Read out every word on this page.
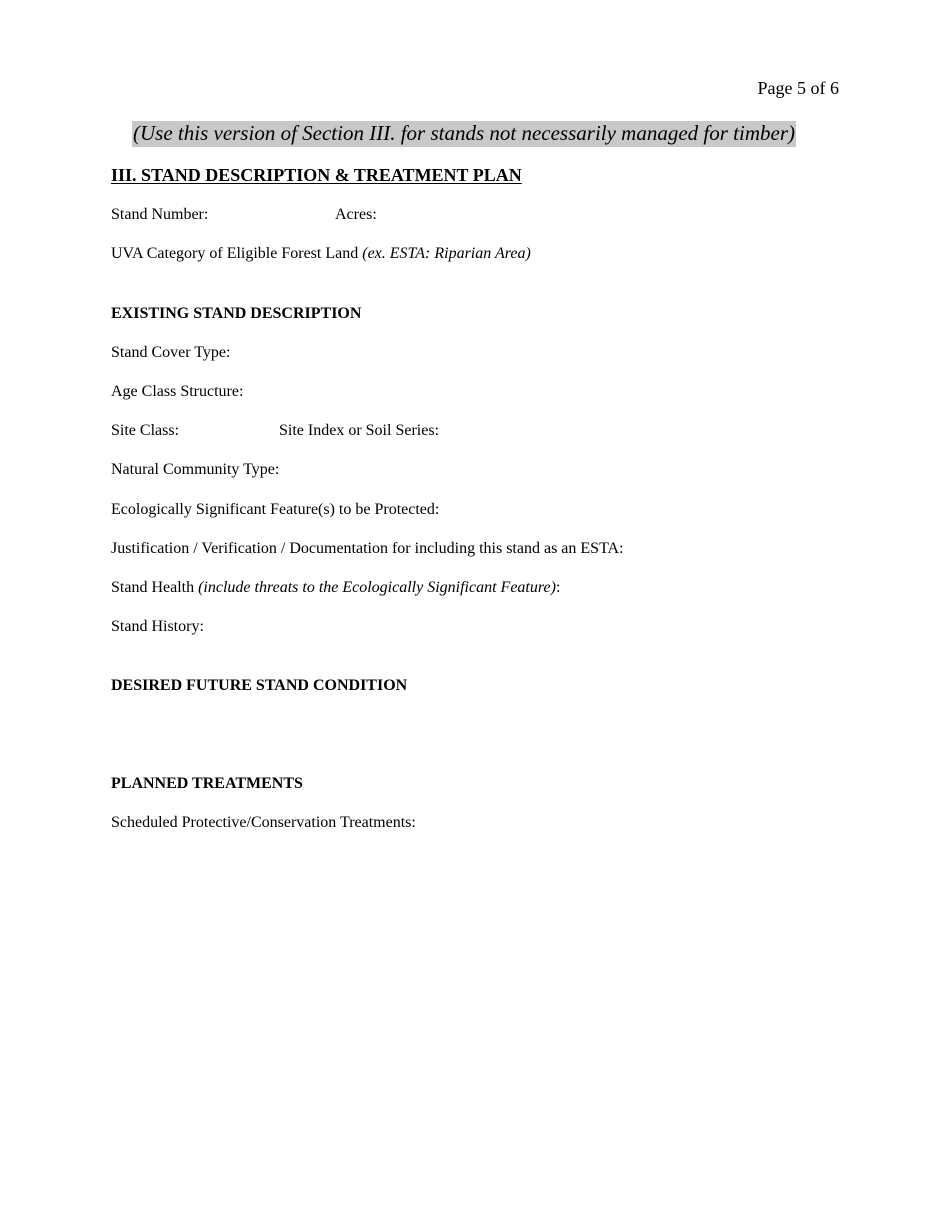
Page 5 of 6
(Use this version of Section III. for stands not necessarily managed for timber)
III. STAND DESCRIPTION & TREATMENT PLAN
Stand Number:	Acres:
UVA Category of Eligible Forest Land (ex. ESTA: Riparian Area)
EXISTING STAND DESCRIPTION
Stand Cover Type:
Age Class Structure:
Site Class:	Site Index or Soil Series:
Natural Community Type:
Ecologically Significant Feature(s) to be Protected:
Justification / Verification / Documentation for including this stand as an ESTA:
Stand Health (include threats to the Ecologically Significant Feature):
Stand History:
DESIRED FUTURE STAND CONDITION
PLANNED TREATMENTS
Scheduled Protective/Conservation Treatments:
